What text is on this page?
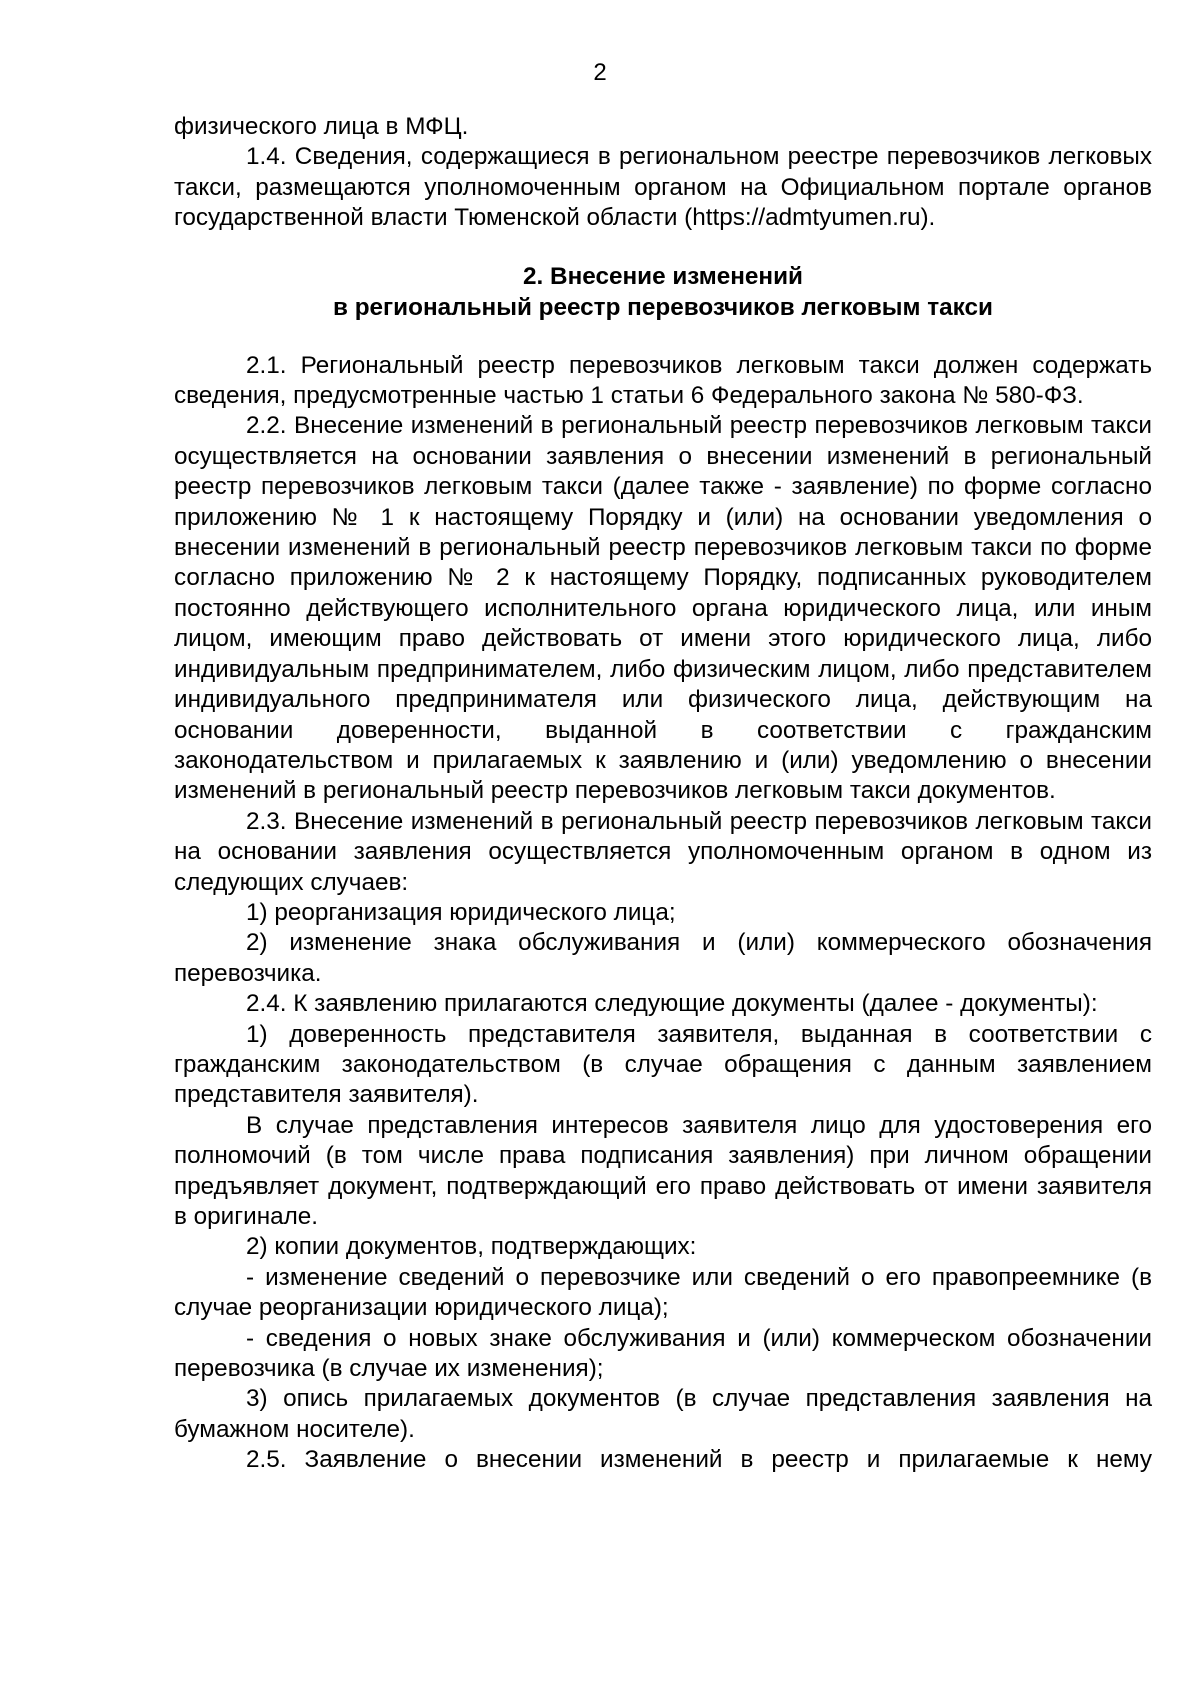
2

физического лица в МФЦ.

1.4. Сведения, содержащиеся в региональном реестре перевозчиков легковых такси, размещаются уполномоченным органом на Официальном портале органов государственной власти Тюменской области (https://admtyumen.ru).

2. Внесение изменений
в региональный реестр перевозчиков легковым такси

2.1. Региональный реестр перевозчиков легковым такси должен содержать сведения, предусмотренные частью 1 статьи 6 Федерального закона № 580-ФЗ.

2.2. Внесение изменений в региональный реестр перевозчиков легковым такси осуществляется на основании заявления о внесении изменений в региональный реестр перевозчиков легковым такси (далее также - заявление) по форме согласно приложению № 1 к настоящему Порядку и (или) на основании уведомления о внесении изменений в региональный реестр перевозчиков легковым такси по форме согласно приложению № 2 к настоящему Порядку, подписанных руководителем постоянно действующего исполнительного органа юридического лица, или иным лицом, имеющим право действовать от имени этого юридического лица, либо индивидуальным предпринимателем, либо физическим лицом, либо представителем индивидуального предпринимателя или физического лица, действующим на основании доверенности, выданной в соответствии с гражданским законодательством и прилагаемых к заявлению и (или) уведомлению о внесении изменений в региональный реестр перевозчиков легковым такси документов.

2.3. Внесение изменений в региональный реестр перевозчиков легковым такси на основании заявления осуществляется уполномоченным органом в одном из следующих случаев:

1) реорганизация юридического лица;

2) изменение знака обслуживания и (или) коммерческого обозначения перевозчика.

2.4. К заявлению прилагаются следующие документы (далее - документы):

1) доверенность представителя заявителя, выданная в соответствии с гражданским законодательством (в случае обращения с данным заявлением представителя заявителя).

В случае представления интересов заявителя лицо для удостоверения его полномочий (в том числе права подписания заявления) при личном обращении предъявляет документ, подтверждающий его право действовать от имени заявителя в оригинале.

2) копии документов, подтверждающих:

- изменение сведений о перевозчике или сведений о его правопреемнике (в случае реорганизации юридического лица);

- сведения о новых знаке обслуживания и (или) коммерческом обозначении перевозчика (в случае их изменения);

3) опись прилагаемых документов (в случае представления заявления на бумажном носителе).

2.5. Заявление о внесении изменений в реестр и прилагаемые к нему
